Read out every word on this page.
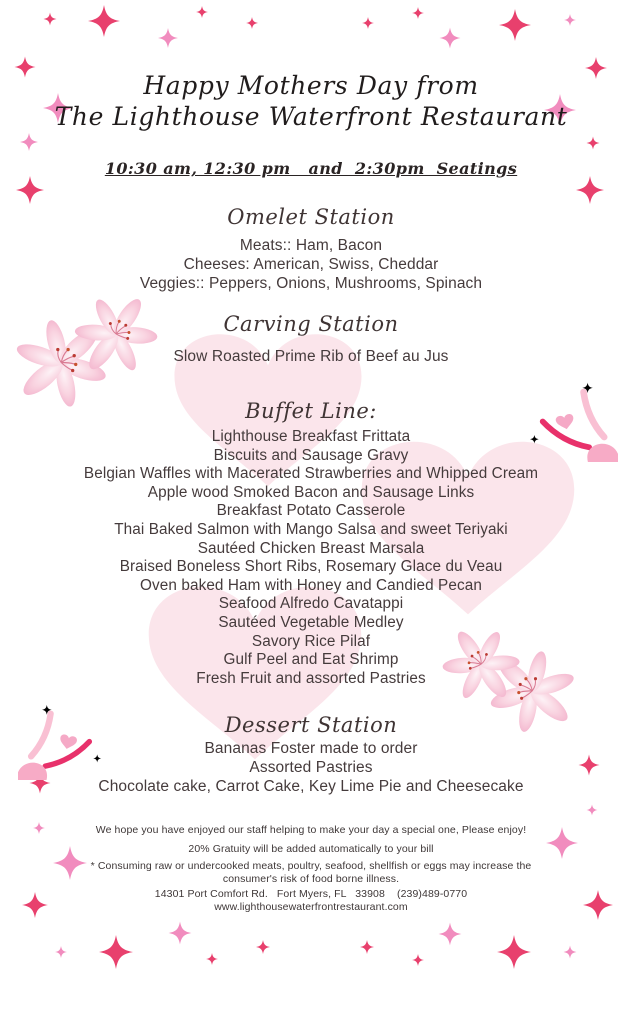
Happy Mothers Day from
The Lighthouse Waterfront Restaurant
10:30 am, 12:30 pm   and  2:30pm  Seatings
Omelet Station
Meats:: Ham, Bacon
Cheeses: American, Swiss, Cheddar
Veggies:: Peppers, Onions, Mushrooms, Spinach
Carving Station
Slow Roasted Prime Rib of Beef au Jus
Buffet Line:
Lighthouse Breakfast Frittata
Biscuits and Sausage Gravy
Belgian Waffles with Macerated Strawberries and Whipped Cream
Apple wood Smoked Bacon and Sausage Links
Breakfast Potato Casserole
Thai Baked Salmon with Mango Salsa and sweet Teriyaki
Sautéed Chicken Breast Marsala
Braised Boneless Short Ribs, Rosemary Glace du Veau
Oven baked Ham with Honey and Candied Pecan
Seafood Alfredo Cavatappi
Sautéed Vegetable Medley
Savory Rice Pilaf
Gulf Peel and Eat Shrimp
Fresh Fruit and assorted Pastries
Dessert Station
Bananas Foster made to order
Assorted Pastries
Chocolate cake, Carrot Cake, Key Lime Pie and Cheesecake
We hope you have enjoyed our staff helping to make your day a special one, Please enjoy!
20% Gratuity will be added automatically to your bill
* Consuming raw or undercooked meats, poultry, seafood, shellfish or eggs may increase the consumer's risk of food borne illness.
14301 Port Comfort Rd.   Fort Myers, FL   33908    (239)489-0770
www.lighthousewaterfrontrestaurant.com
